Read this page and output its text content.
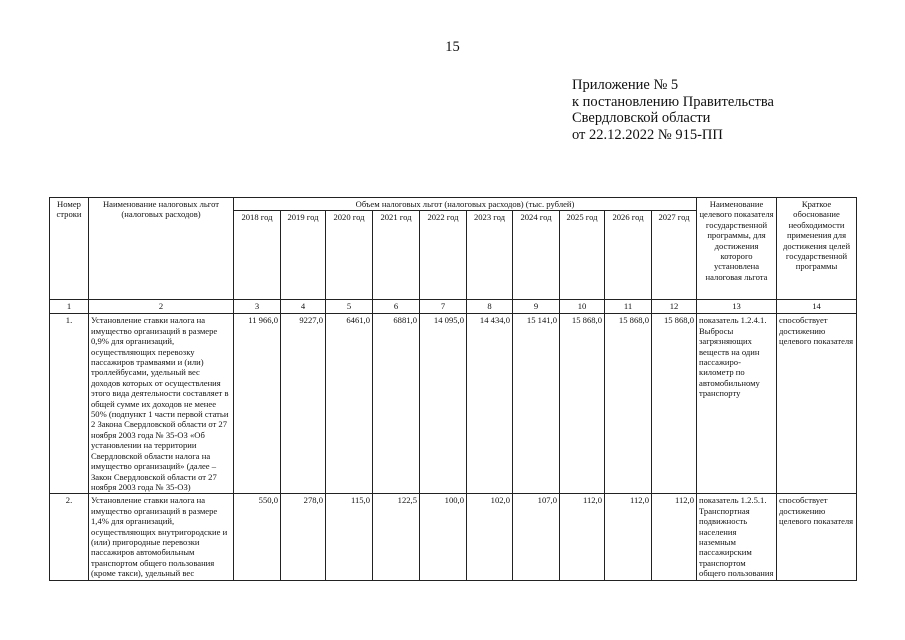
15
Приложение № 5
к постановлению Правительства
Свердловской области
от 22.12.2022 № 915-ПП
Номер строки	Наименование налоговых льгот (налоговых расходов)	Объем налоговых льгот (налоговых расходов) (тыс. рублей)										Наименование целевого показателя государственной программы, для достижения которого установлена налоговая льгота	Краткое обоснование необходимости применения для достижения целей государственной программы
		2018 год	2019 год	2020 год	2021 год	2022 год	2023 год	2024 год	2025 год	2026 год	2027 год		
1	2	3	4	5	6	7	8	9	10	11	12	13	14
1.	Установление ставки налога на имущество организаций в размере 0,9% для организаций, осуществляющих перевозку пассажиров трамваями и (или) троллейбусами, удельный вес доходов которых от осуществления этого вида деятельности составляет в общей сумме их доходов не менее 50% (подпункт 1 части первой статьи 2 Закона Свердловской области от 27 ноября 2003 года № 35-ОЗ «Об установлении на территории Свердловской области налога на имущество организаций» (далее – Закон Свердловской области от 27 ноября 2003 года № 35-ОЗ)	11 966,0	9227,0	6461,0	6881,0	14 095,0	14 434,0	15 141,0	15 868,0	15 868,0	15 868,0	показатель 1.2.4.1. Выбросы загрязняющих веществ на один пассажиро-километр по автомобильному транспорту	способствует достижению целевого показателя
2.	Установление ставки налога на имущество организаций в размере 1,4% для организаций, осуществляющих внутригородские и (или) пригородные перевозки пассажиров автомобильным транспортом общего пользования (кроме такси), удельный вес	550,0	278,0	115,0	122,5	100,0	102,0	107,0	112,0	112,0	112,0	показатель 1.2.5.1. Транспортная подвижность населения наземным пассажирским транспортом общего пользования	способствует достижению целевого показателя
